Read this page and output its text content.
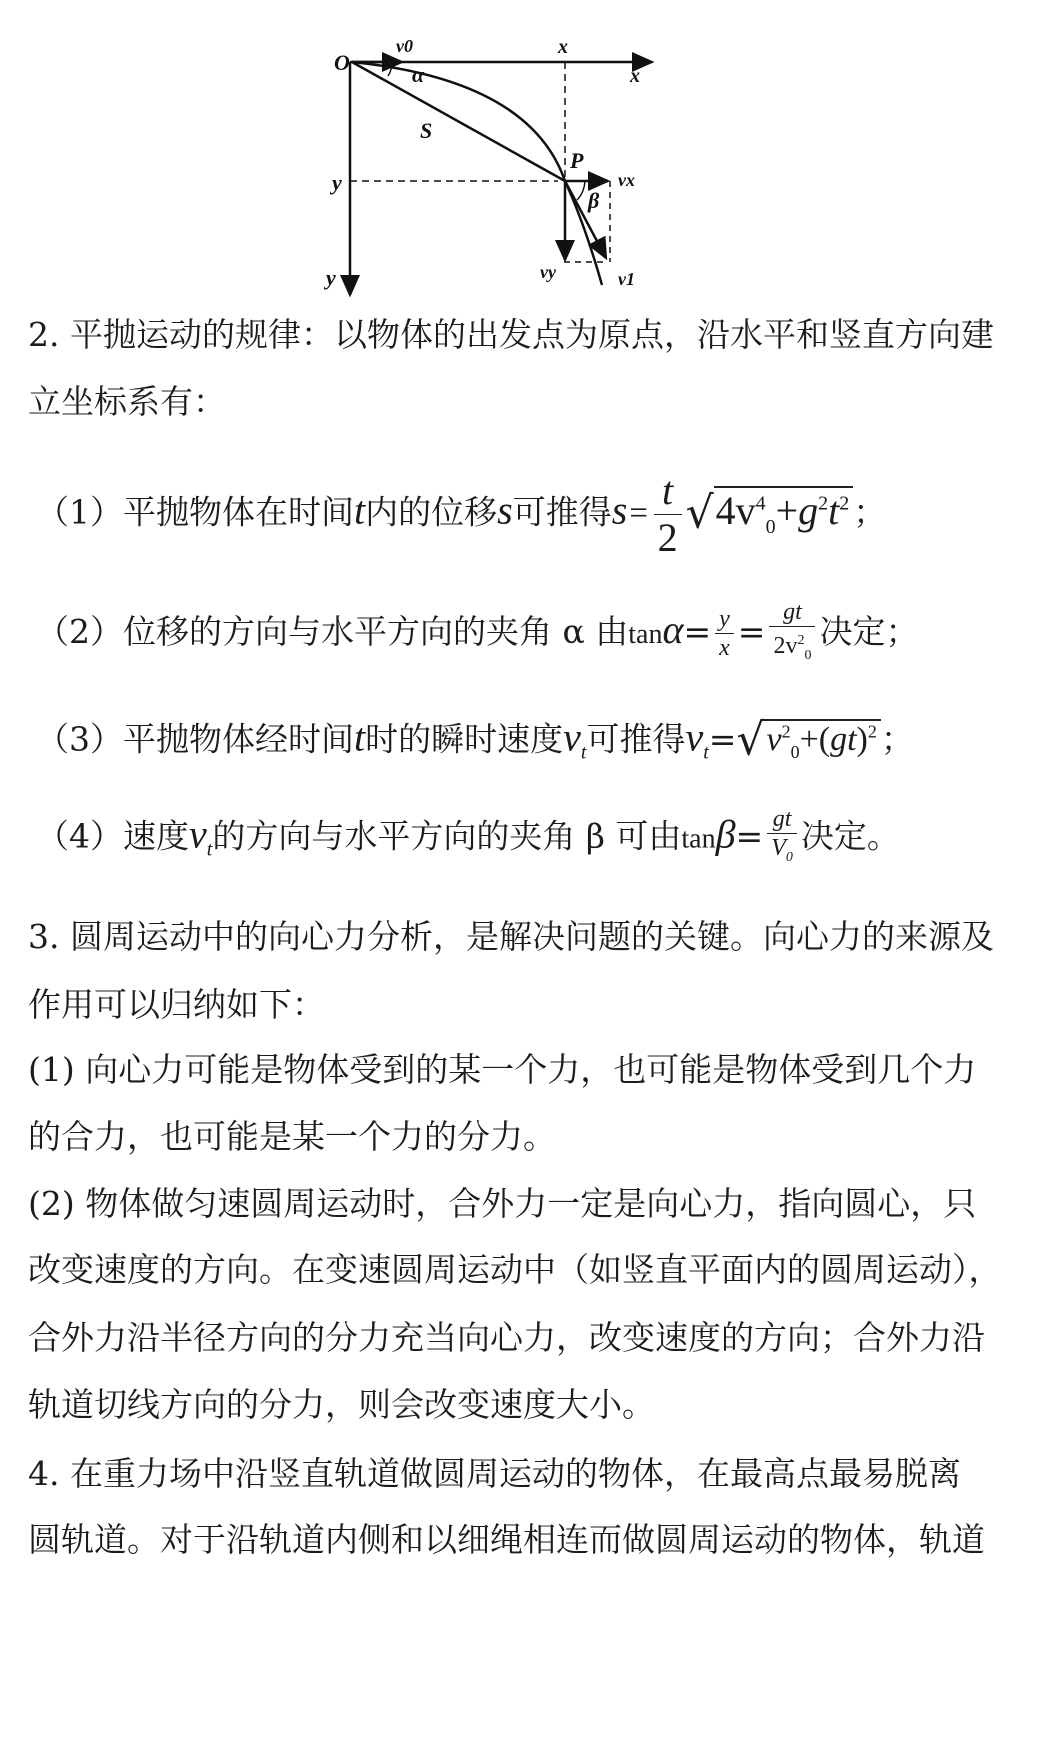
O
v0	x
x
α
S
P
y
y
vx
β
vy	v1
2. 平抛运动的规律：以物体的出发点为原点，沿水平和竖直方向建
立坐标系有：
（1）平抛物体在时间t内的位移s可推得$s= \frac{t}{2} √4v^4_0+g^2t^2$ ；
（2）位移的方向与水平方向的夹角 α 由$\tan\alpha= \frac{y}{x} = \frac{gt}{2v^2_0}$ 决定；
（3）平抛物体经时间t时的瞬时速度$v_t$可推得$v_t=√v^2_0+(gt)^2$ ；
（4）速度$v_t$的方向与水平方向的夹角 β 可由$\tan\beta= \frac{gt}{V_0}$ 决定。
3. 圆周运动中的向心力分析，是解决问题的关键。向心力的来源及
作用可以归纳如下：
(1) 向心力可能是物体受到的某一个力，也可能是物体受到几个力
的合力，也可能是某一个力的分力。
(2) 物体做匀速圆周运动时，合外力一定是向心力，指向圆心，只
改变速度的方向。在变速圆周运动中（如竖直平面内的圆周运动），
合外力沿半径方向的分力充当向心力，改变速度的方向；合外力沿
轨道切线方向的分力，则会改变速度大小。
4. 在重力场中沿竖直轨道做圆周运动的物体，在最高点最易脱离
圆轨道。对于沿轨道内侧和以细绳相连而做圆周运动的物体，轨道
